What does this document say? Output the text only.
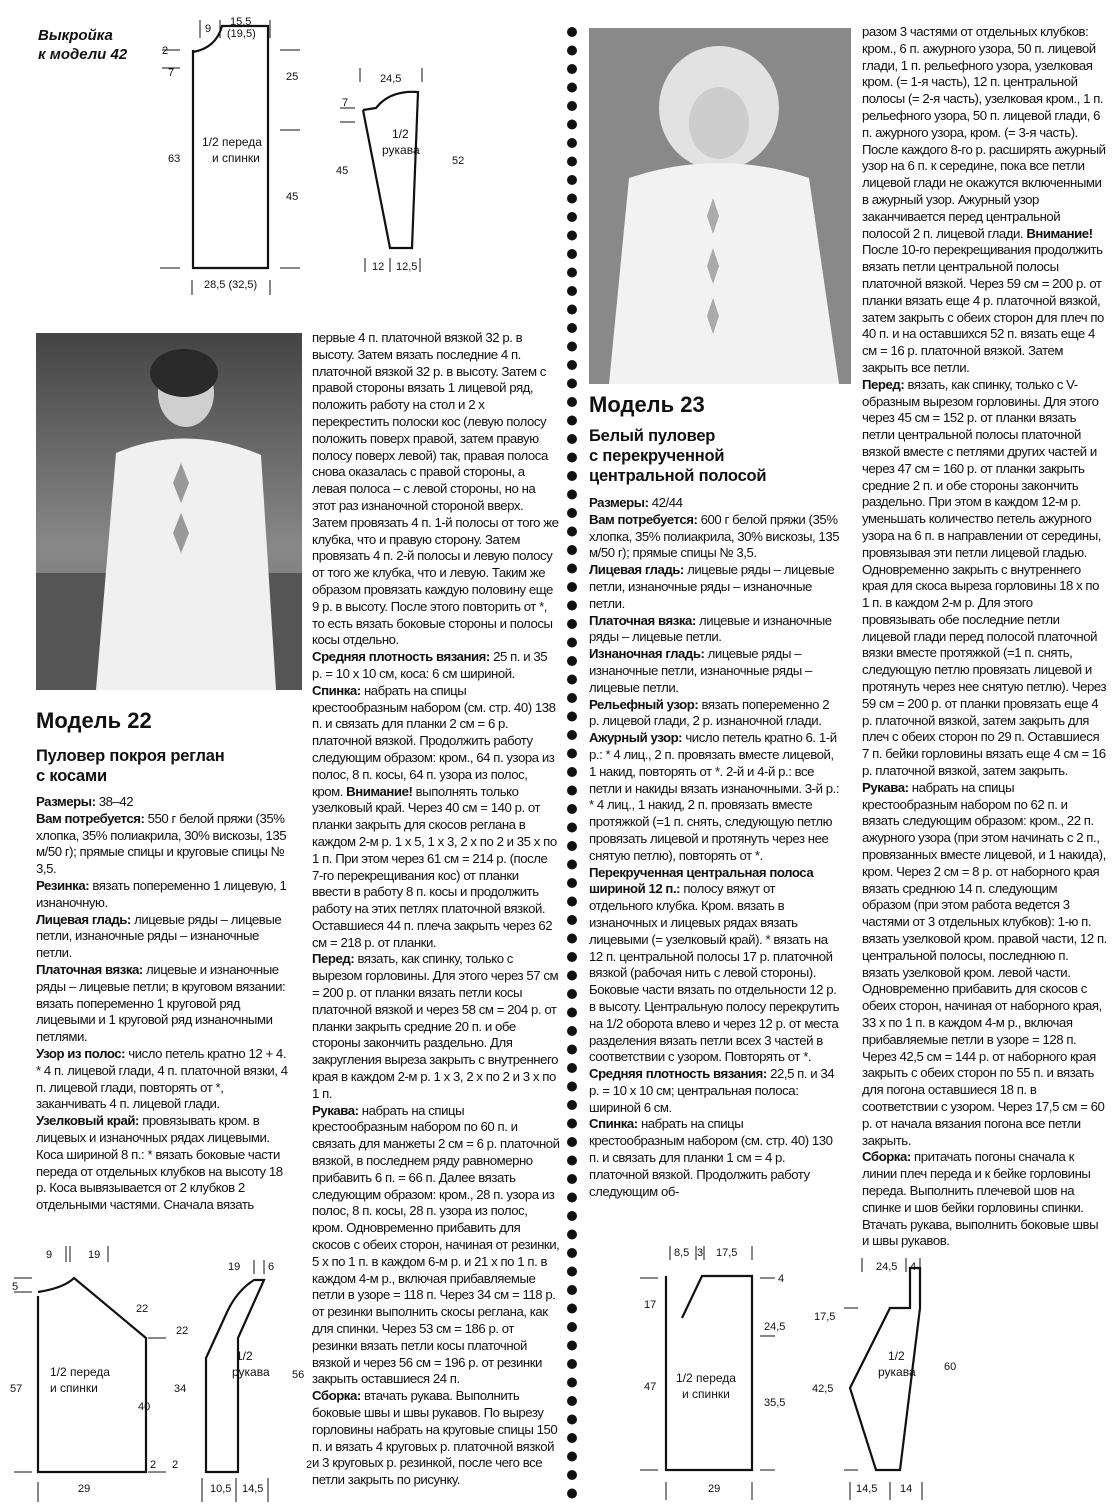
Выкройка
к модели 42
9
15,5
(19,5)
2
7	25
63
45
28,5 (32,5)
1/2 переда
и спинки
24,5
7
45
52
12 12,5
1/2
рукава
Модель 22
Пуловер покроя реглан
с косами

Размеры: 38–42

Вам потребуется: 550 г белой пряжи (35% хлопка, 35% полиакрила, 30% вискозы, 135 м/50 г); прямые спицы и круговые спицы № 3,5.

Резинка: вязать попеременно 1 лицевую, 1 изнаночную.

Лицевая гладь: лицевые ряды – лицевые петли, изнаночные ряды – изнаночные петли.

Платочная вязка: лицевые и изнаночные ряды – лицевые петли; в круговом вязании: вязать попеременно 1 круговой ряд лицевыми и 1 круговой ряд изнаночными петлями.

Узор из полос: число петель кратно 12 + 4. * 4 п. лицевой глади, 4 п. платочной вязки, 4 п. лицевой глади, повторять от *, заканчивать 4 п. лицевой глади.

Узелковый край: провязывать кром. в лицевых и изнаночных рядах лицевыми. Коса шириной 8 п.: * вязать боковые части переда от отдельных клубков на высоту 18 р. Коса вывязывается от 2 клубков 2 отдельными частями. Сначала вязать

первые 4 п. платочной вязкой 32 р. в высоту. Затем вязать последние 4 п. платочной вязкой 32 р. в высоту. Затем с правой стороны вязать 1 лицевой ряд, положить работу на стол и 2 х перекрестить полоски кос (левую полосу положить поверх правой, затем правую полосу поверх левой) так, правая полоса снова оказалась с правой стороны, а левая полоса – с левой стороны, но на этот раз изнаночной стороной вверх. Затем провязать 4 п. 1-й полосы от того же клубка, что и правую сторону. Затем провязать 4 п. 2-й полосы и левую полосу от того же клубка, что и левую. Таким же образом провязать каждую половину еще 9 р. в высоту. После этого повторить от *, то есть вязать боковые стороны и полосы косы отдельно.

Средняя плотность вязания: 25 п. и 35 р. = 10 х 10 см, коса: 6 см шириной.

Спинка: набрать на спицы крестообразным набором (см. стр. 40) 138 п. и связать для планки 2 см = 6 р. платочной вязкой. Продолжить работу следующим образом: кром., 64 п. узора из полос, 8 п. косы, 64 п. узора из полос, кром. Внимание! выполнять только узелковый край. Через 40 см = 140 р. от планки закрыть для скосов реглана в каждом 2-м р. 1 х 5, 1 х 3, 2 х по 2 и 35 х по 1 п. При этом через 61 см = 214 р. (после 7-го перекрещивания кос) от планки ввести в работу 8 п. косы и продолжить работу на этих петлях платочной вязкой. Оставшиеся 44 п. плеча закрыть через 62 см = 218 р. от планки.

Перед: вязать, как спинку, только с вырезом горловины. Для этого через 57 см = 200 р. от планки вязать петли косы платочной вязкой и через 58 см = 204 р. от планки закрыть средние 20 п. и обе стороны закончить раздельно. Для закругления выреза закрыть с внутреннего края в каждом 2-м р. 1 х 3, 2 х по 2 и 3 х по 1 п.

Рукава: набрать на спицы крестообразным набором по 60 п. и связать для манжеты 2 см = 6 р. платочной вязкой, в последнем ряду равномерно прибавить 6 п. = 66 п. Далее вязать следующим образом: кром., 28 п. узора из полос, 8 п. косы, 28 п. узора из полос, кром. Одновременно прибавить для скосов с обеих сторон, начиная от резинки, 5 х по 1 п. в каждом 6-м р. и 21 х по 1 п. в каждом 4-м р., включая прибавляемые петли в узоре = 118 п. Через 34 см = 118 р. от резинки выполнить скосы реглана, как для спинки. Через 53 см = 186 р. от резинки вязать петли косы платочной вязкой и через 56 см = 196 р. от резинки закрыть оставшиеся 24 п.

Сборка: втачать рукава. Выполнить боковые швы и швы рукавов. По вырезу горловины набрать на круговые спицы 150 п. и вязать 4 круговых р. платочной вязкой и 3 круговых р. резинкой, после чего все петли закрыть по рисунку.

9	19
5
22
57
40
2
29
1/2 переда
и спинки
19	6
22
34
56
2
10,5 14,5
2
1/2
рукава
Модель 23
Белый пуловер
с перекрученной
центральной полосой

Размеры: 42/44

Вам потребуется: 600 г белой пряжи (35% хлопка, 35% полиакрила, 30% вискозы, 135 м/50 г); прямые спицы № 3,5.

Лицевая гладь: лицевые ряды – лицевые петли, изнаночные ряды – изнаночные петли.

Платочная вязка: лицевые и изнаночные ряды – лицевые петли.

Изнаночная гладь: лицевые ряды – изнаночные петли, изнаночные ряды – лицевые петли.

Рельефный узор: вязать попеременно 2 р. лицевой глади, 2 р. изнаночной глади.

Ажурный узор: число петель кратно 6. 1-й р.: * 4 лиц., 2 п. провязать вместе лицевой, 1 накид, повторять от *. 2-й и 4-й р.: все петли и накиды вязать изнаночными. 3-й р.: * 4 лиц., 1 накид, 2 п. провязать вместе протяжкой (=1 п. снять, следующую петлю провязать лицевой и протянуть через нее снятую петлю), повторять от *.

Перекрученная центральная полоса шириной 12 п.: полосу вяжут от отдельного клубка. Кром. вязать в изнаночных и лицевых рядах вязать лицевыми (= узелковый край). * вязать на 12 п. центральной полосы 17 р. платочной вязкой (рабочая нить с левой стороны). Боковые части вязать по отдельности 12 р. в высоту. Центральную полосу перекрутить на 1/2 оборота влево и через 12 р. от места разделения вязать петли всех 3 частей в соответствии с узором. Повторять от *.

Средняя плотность вязания: 22,5 п. и 34 р. = 10 х 10 см; центральная полоса: шириной 6 см.

Спинка: набрать на спицы крестообразным набором (см. стр. 40) 130 п. и связать для планки 1 см = 4 р. платочной вязкой. Продолжить работу следующим об-

разом 3 частями от отдельных клубков: кром., 6 п. ажурного узора, 50 п. лицевой глади, 1 п. рельефного узора, узелковая кром. (= 1-я часть), 12 п. центральной полосы (= 2-я часть), узелковая кром., 1 п. рельефного узора, 50 п. лицевой глади, 6 п. ажурного узора, кром. (= 3-я часть). После каждого 8-го р. расширять ажурный узор на 6 п. к середине, пока все петли лицевой глади не окажутся включенными в ажурный узор. Ажурный узор заканчивается перед центральной полосой 2 п. лицевой глади. Внимание! После 10-го перекрещивания продолжить вязать петли центральной полосы платочной вязкой. Через 59 см = 200 р. от планки вязать еще 4 р. платочной вязкой, затем закрыть с обеих сторон для плеч по 40 п. и на оставшихся 52 п. вязать еще 4 см = 16 р. платочной вязкой. Затем закрыть все петли.

Перед: вязать, как спинку, только с V-образным вырезом горловины. Для этого через 45 см = 152 р. от планки вязать петли центральной полосы платочной вязкой вместе с петлями других частей и через 47 см = 160 р. от планки закрыть средние 2 п. и обе стороны закончить раздельно. При этом в каждом 12-м р. уменьшать количество петель ажурного узора на 6 п. в направлении от середины, провязывая эти петли лицевой гладью. Одновременно закрыть с внутреннего края для скоса выреза горловины 18 х по 1 п. в каждом 2-м р. Для этого провязывать обе последние петли лицевой глади перед полосой платочной вязки вместе протяжкой (=1 п. снять, следующую петлю провязать лицевой и протянуть через нее снятую петлю). Через 59 см = 200 р. от планки провязать еще 4 р. платочной вязкой, затем закрыть для плеч с обеих сторон по 29 п. Оставшиеся 7 п. бейки горловины вязать еще 4 см = 16 р. платочной вязкой, затем закрыть.

Рукава: набрать на спицы крестообразным набором по 62 п. и вязать следующим образом: кром., 22 п. ажурного узора (при этом начинать с 2 п., провязанных вместе лицевой, и 1 накида), кром. Через 2 см = 8 р. от наборного края вязать среднюю 14 п. следующим образом (при этом работа ведется 3 частями от 3 отдельных клубков): 1-ю п. вязать узелковой кром. правой части, 12 п. центральной полосы, последнюю п. вязать узелковой кром. левой части. Одновременно прибавить для скосов с обеих сторон, начиная от наборного края, 33 х по 1 п. в каждом 4-м р., включая прибавляемые петли в узоре = 128 п. Через 42,5 см = 144 р. от наборного края закрыть с обеих сторон по 55 п. и вязать для погона оставшиеся 18 п. в соответствии с узором. Через 17,5 см = 60 р. от начала вязания погона все петли закрыть.

Сборка: притачать погоны сначала к линии плеч переда и к бейке горловины переда. Выполнить плечевой шов на спинке и шов бейки горловины спинки. Втачать рукава, выполнить боковые швы и швы рукавов.

8,5 3 17,5
4
17
24,5
47
35,5
29
1/2 переда
и спинки
24,5 4
17,5
42,5
60
14,5 14
1/2
рукава
